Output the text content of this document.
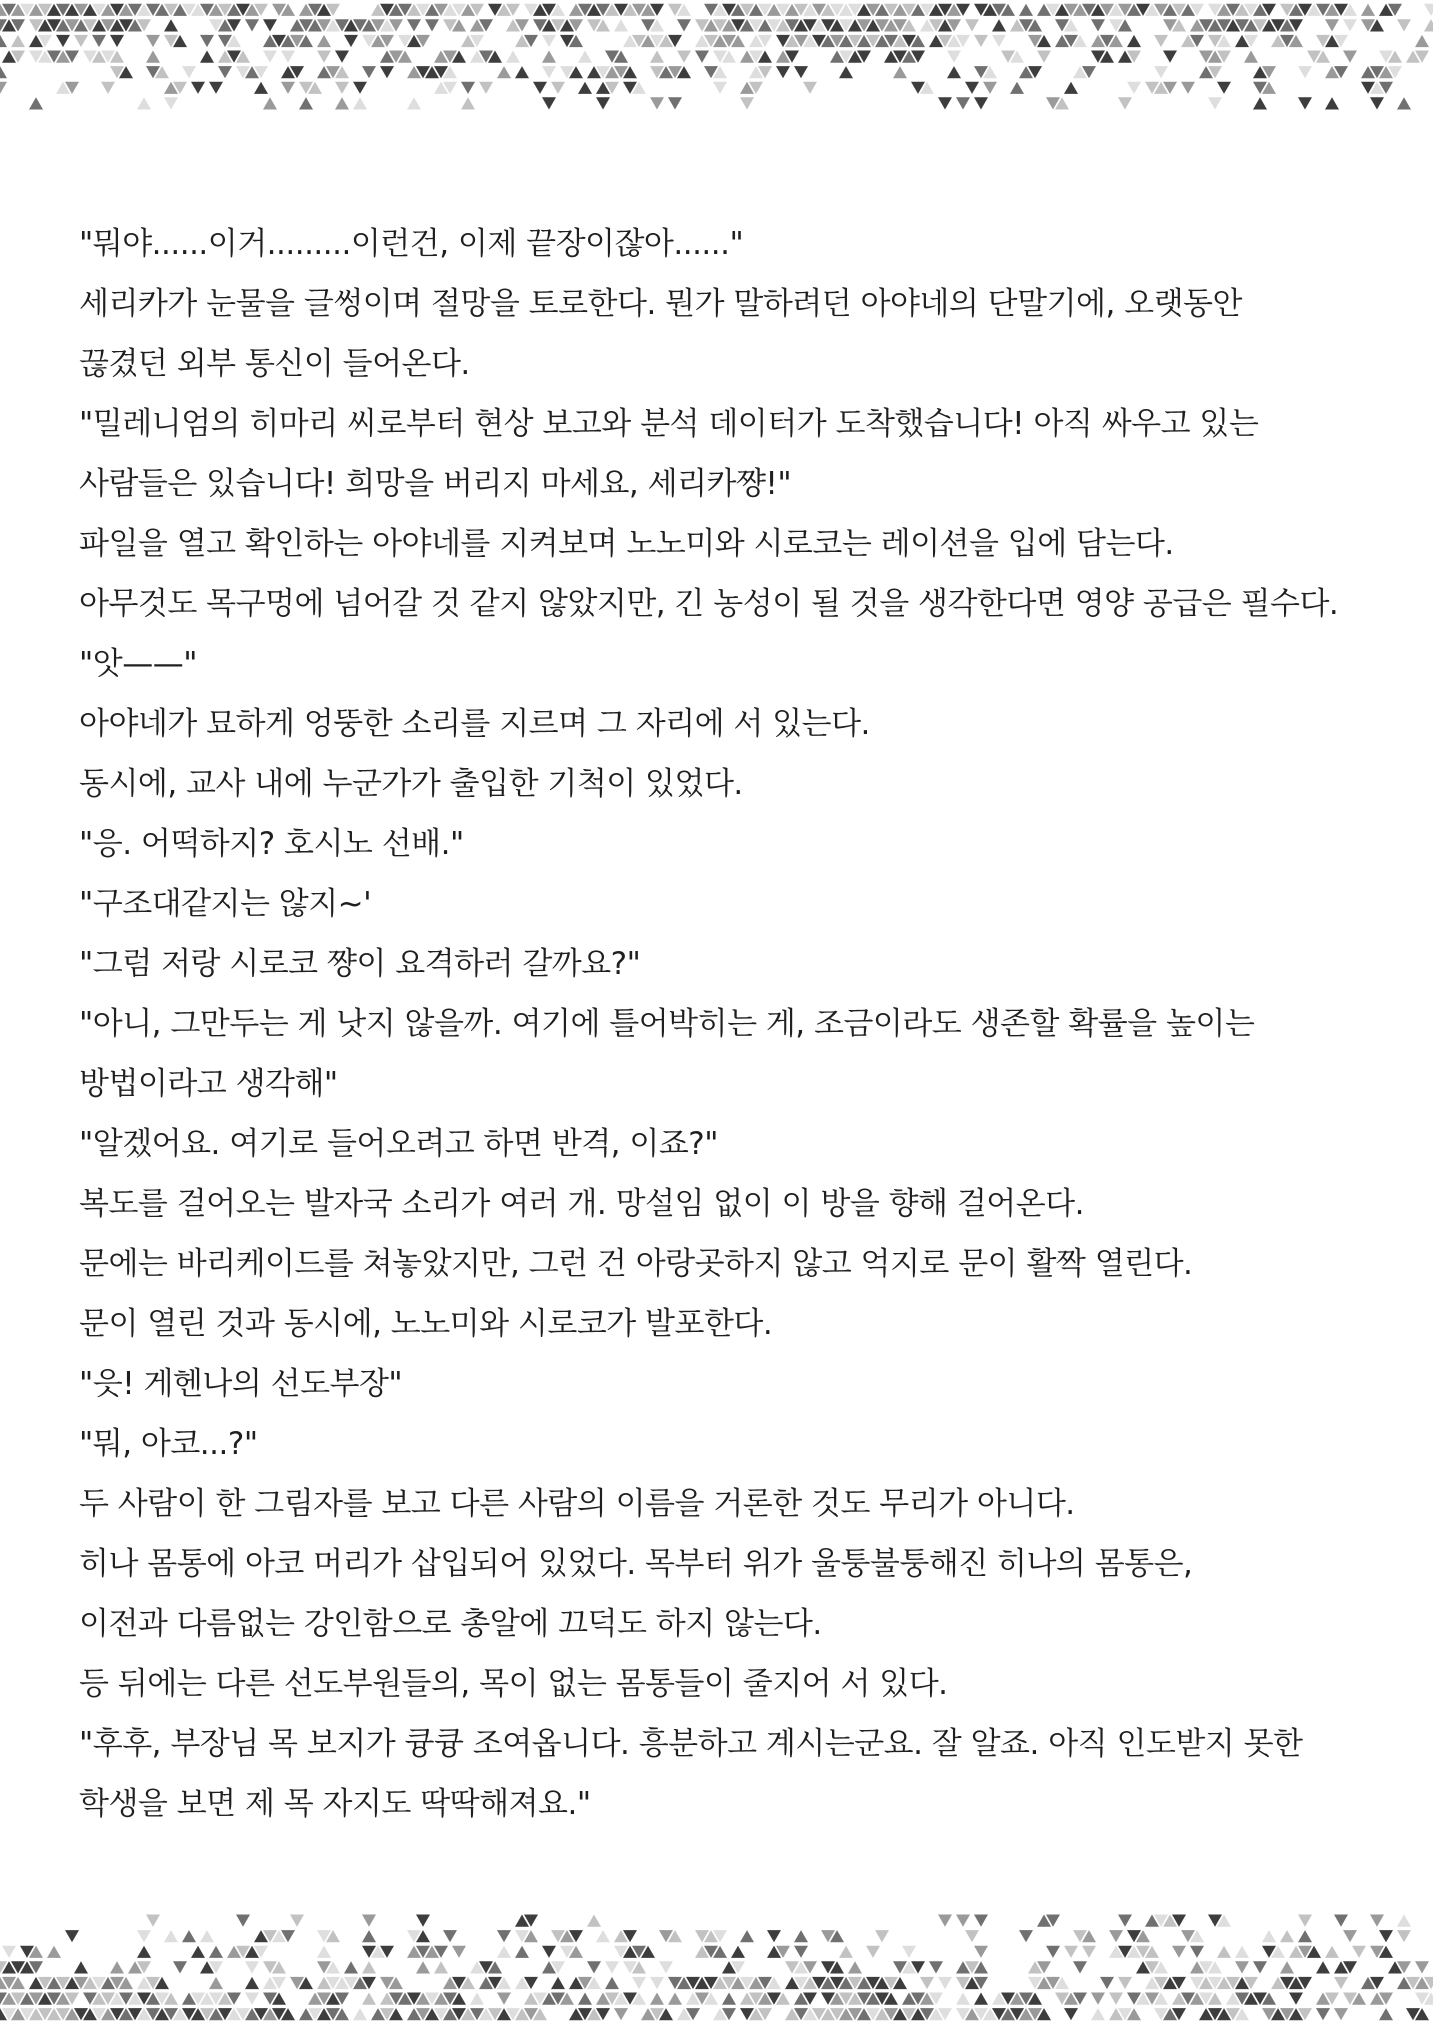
"뭐야......이거.........이런건, 이제 끝장이잖아......"
세리카가 눈물을 글썽이며 절망을 토로한다. 뭔가 말하려던 아야네의 단말기에, 오랫동안
끊겼던 외부 통신이 들어온다.
"밀레니엄의 히마리 씨로부터 현상 보고와 분석 데이터가 도착했습니다! 아직 싸우고 있는
사람들은 있습니다! 희망을 버리지 마세요, 세리카쨩!"
파일을 열고 확인하는 아야네를 지켜보며 노노미와 시로코는 레이션을 입에 담는다.
아무것도 목구멍에 넘어갈 것 같지 않았지만, 긴 농성이 될 것을 생각한다면 영양 공급은 필수다.
"앗——"
아야네가 묘하게 엉뚱한 소리를 지르며 그 자리에 서 있는다.
동시에, 교사 내에 누군가가 출입한 기척이 있었다.
"응. 어떡하지? 호시노 선배."
"구조대같지는 않지~'
"그럼 저랑 시로코 쨩이 요격하러 갈까요?"
"아니, 그만두는 게 낫지 않을까. 여기에 틀어박히는 게, 조금이라도 생존할 확률을 높이는
방법이라고 생각해"
"알겠어요. 여기로 들어오려고 하면 반격, 이죠?"
복도를 걸어오는 발자국 소리가 여러 개. 망설임 없이 이 방을 향해 걸어온다.
문에는 바리케이드를 쳐놓았지만, 그런 건 아랑곳하지 않고 억지로 문이 활짝 열린다.
문이 열린 것과 동시에, 노노미와 시로코가 발포한다.
"읏! 게헨나의 선도부장"
"뭐, 아코...?"
두 사람이 한 그림자를 보고 다른 사람의 이름을 거론한 것도 무리가 아니다.
히나 몸통에 아코 머리가 삽입되어 있었다. 목부터 위가 울퉁불퉁해진 히나의 몸통은,
이전과 다름없는 강인함으로 총알에 끄덕도 하지 않는다.
등 뒤에는 다른 선도부원들의, 목이 없는 몸통들이 줄지어 서 있다.
"후후, 부장님 목 보지가 큥큥 조여옵니다. 흥분하고 계시는군요. 잘 알죠. 아직 인도받지 못한
학생을 보면 제 목 자지도 딱딱해져요."
